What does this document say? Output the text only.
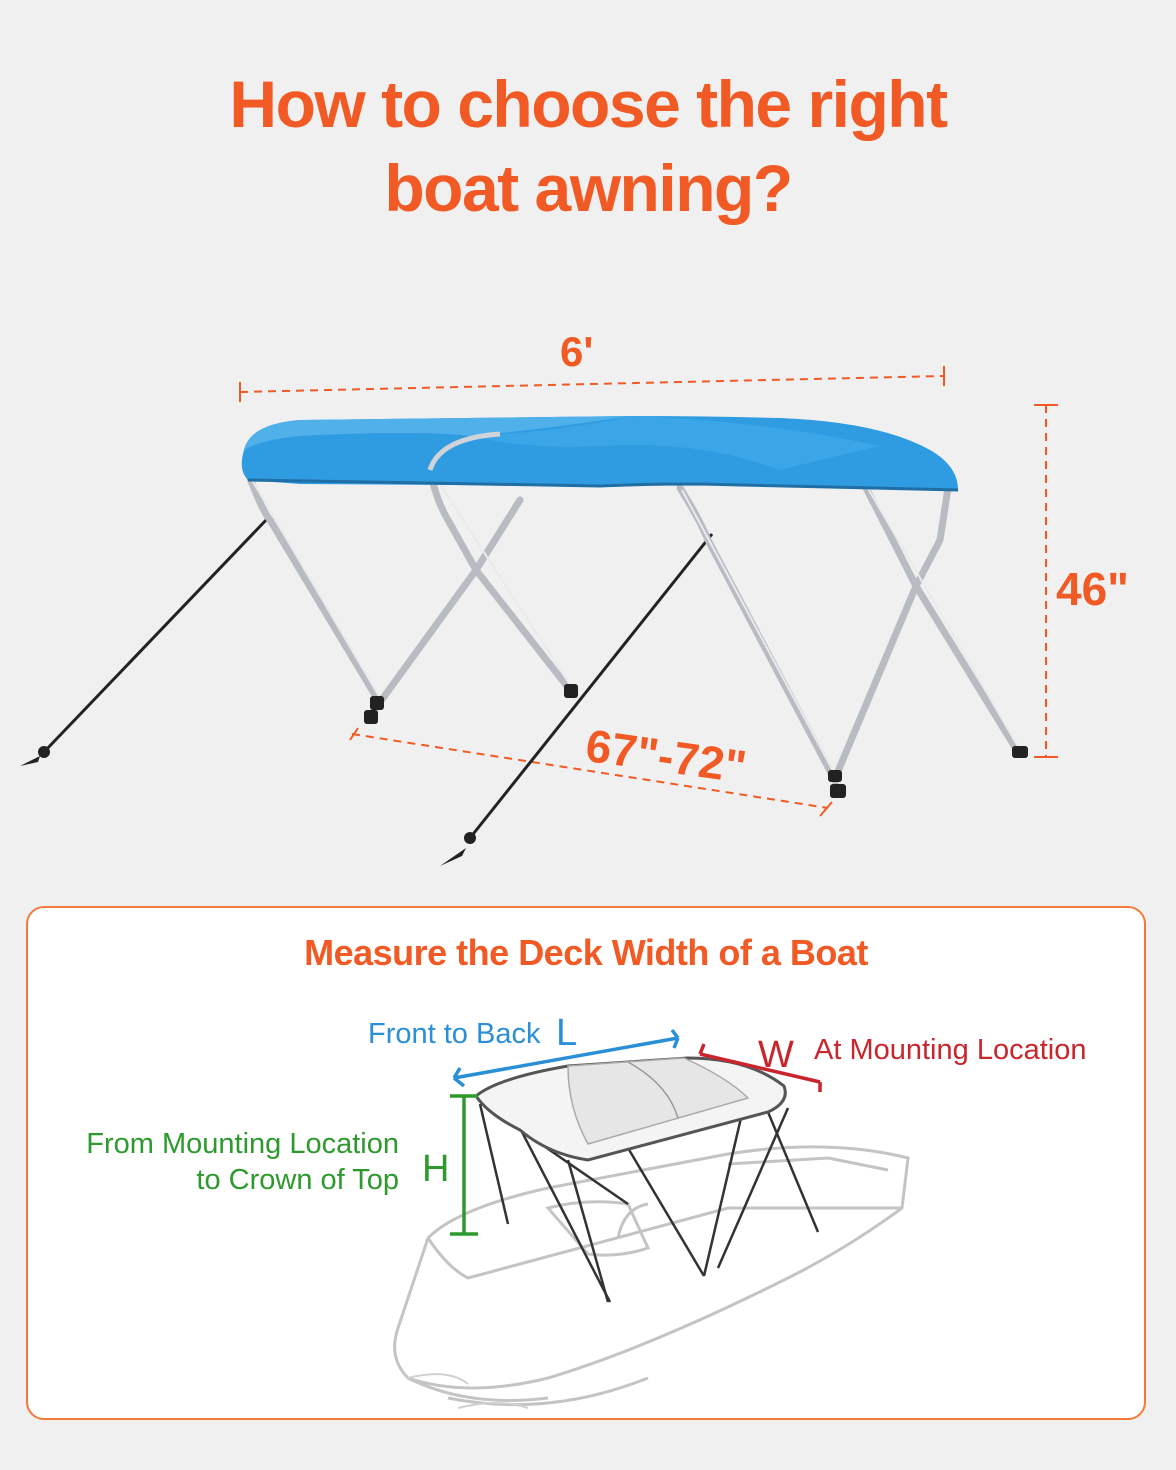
How to choose the right
boat awning?
6'
46"
67"-72"
Measure the Deck Width of a Boat
Front to Back L
W At Mounting Location
From Mounting Location
to Crown of Top H
